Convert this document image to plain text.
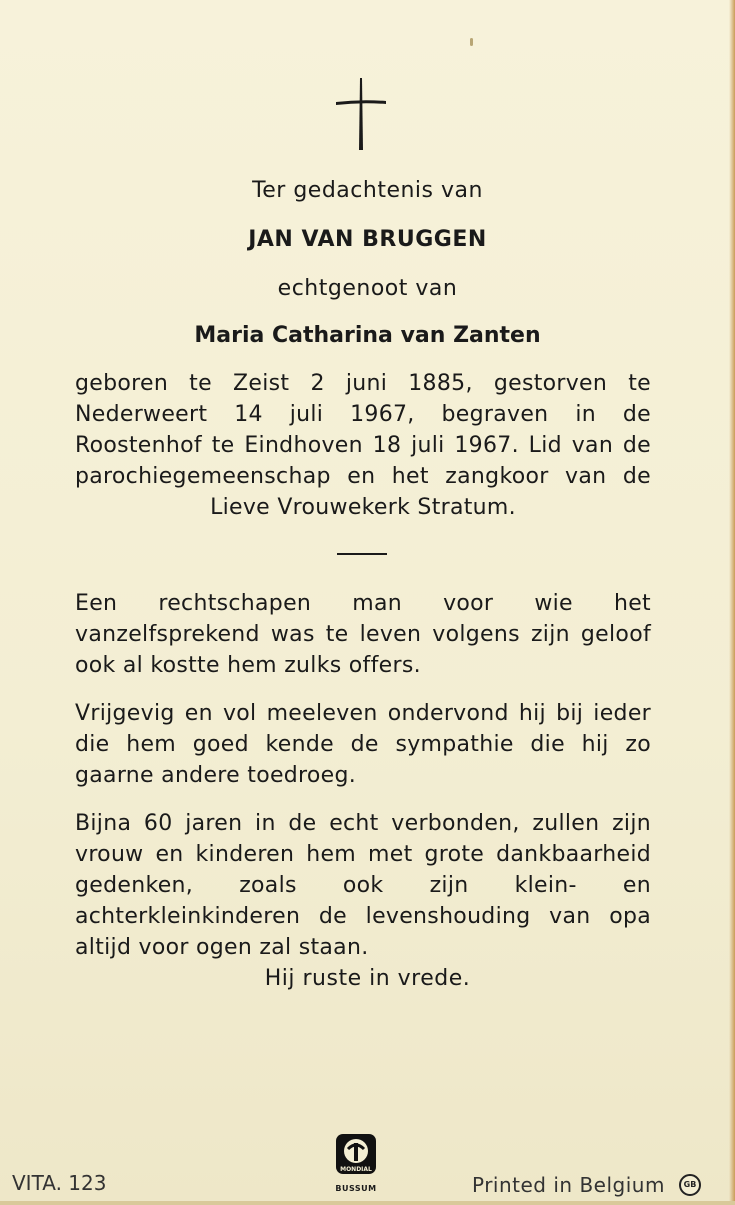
Ter gedachtenis van
JAN VAN BRUGGEN
echtgenoot van
Maria Catharina van Zanten
geboren te Zeist 2 juni 1885, gestorven te Nederweert 14 juli 1967, begraven in de Roostenhof te Eindhoven 18 juli 1967. Lid van de parochiegemeenschap en het zangkoor van de Lieve Vrouwekerk Stratum.
Een rechtschapen man voor wie het vanzelfsprekend was te leven volgens zijn geloof ook al kostte hem zulks offers.
Vrijgevig en vol meeleven ondervond hij bij ieder die hem goed kende de sympathie die hij zo gaarne andere toedroeg.
Bijna 60 jaren in de echt verbonden, zullen zijn vrouw en kinderen hem met grote dankbaarheid gedenken, zoals ook zijn klein- en achterkleinkinderen de levenshouding van opa altijd voor ogen zal staan.
Hij ruste in vrede.
VITA. 123
MONDIAL
BUSSUM	Printed in Belgium	GB
